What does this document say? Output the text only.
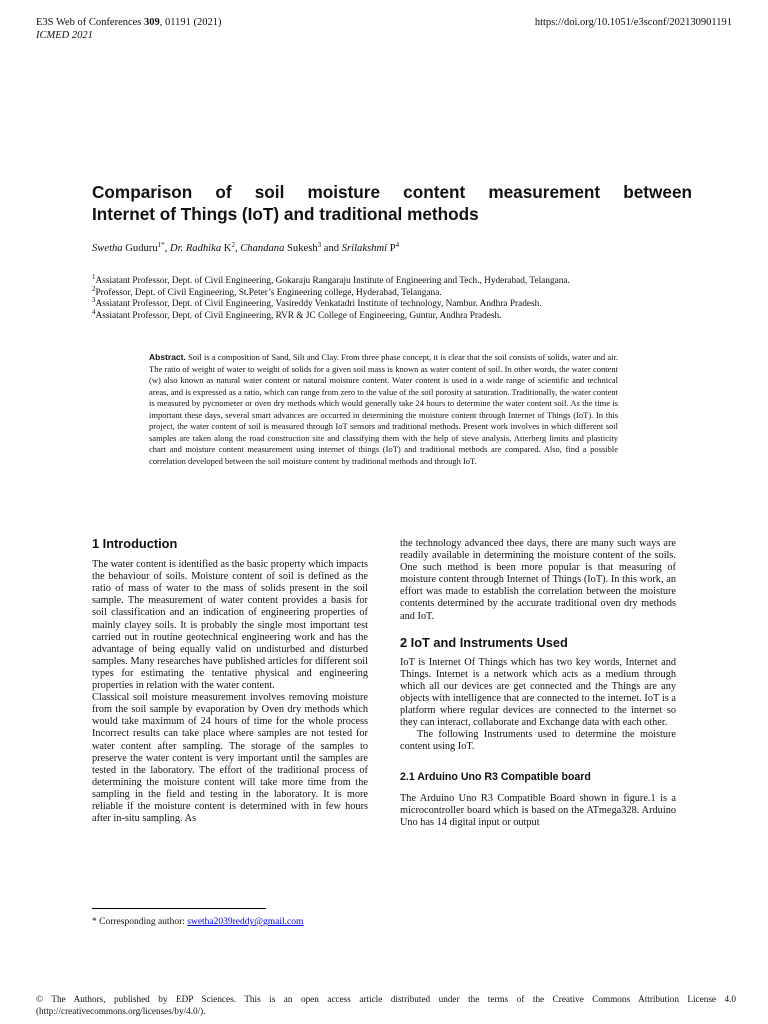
E3S Web of Conferences 309, 01191 (2021)
ICMED 2021
https://doi.org/10.1051/e3sconf/202130901191
Comparison of soil moisture content measurement between
Internet of Things (IoT) and traditional methods
Swetha Guduru$^{1*}$, Dr. Radhika $K^2$, Chandana Sukesh$^3$ and Srilakshmi $P^4$
$^1$Assiatant Professor, Dept. of Civil Engineering, Gokaraju Rangaraju Institute of Engineering and Tech., Hyderabad, Telangana.
$^2$Professor, Dept. of Civil Engineering, St.Peter’s Engineering college, Hyderabad, Telangana.
$^3$Assiatant Professor, Dept. of Civil Engineering, Vasireddy Venkatadri Institute of technology, Nambur. Andhra Pradesh.
$^4$Assiatant Professor, Dept. of Civil Engineering, RVR & JC College of Engineering, Guntur, Andhra Pradesh.
Abstract. Soil is a composition of Sand, Silt and Clay. From three phase concept, it is clear that the soil consists of solids, water and air. The ratio of weight of water to weight of solids for a given soil mass is known as water content of soil. In other words, the water content (w) also known as natural water content or natural moisture content. Water content is used in a wide range of scientific and technical areas, and is expressed as a ratio, which can range from zero to the value of the soil porosity at saturation. Traditionally, the water content is measured by pycnometer or oven dry methods which would generally take 24 hours to determine the water content soil. As the time is important these days, several smart advances are occurred in determining the moisture content through Internet of Things (IoT). In this project, the water content of soil is measured through IoT sensors and traditional methods. Present work involves in which different soil samples are taken along the road construction site and classifying them with the help of sieve analysis, Atterberg limits and plasticity chart and moisture content measurement using internet of things (IoT) and traditional methods are compared. Also, find a possible correlation developed between the soil moisture content by traditional methods and through IoT.
1 Introduction

The water content is identified as the basic property which impacts the behaviour of soils. Moisture content of soil is defined as the ratio of mass of water to the mass of solids present in the soil sample. The measurement of water content provides a basis for soil classification and an indication of engineering properties of mainly clayey soils. It is probably the single most important test carried out in routine geotechnical engineering work and has the advantage of being equally valid on undisturbed and disturbed samples. Many researches have published articles for different soil types for estimating the tentative physical and engineering properties in relation with the water content.

Classical soil moisture measurement involves removing moisture from the soil sample by evaporation by Oven dry methods which would take maximum of 24 hours of time for the whole process Incorrect results can take place where samples are not tested for water content after sampling. The storage of the samples to preserve the water content is very important until the samples are tested in the laboratory. The effort of the traditional process of determining the moisture content will take more time from the sampling in the field and testing in the laboratory. It is more reliable if the moisture content is determined with in few hours after in-situ sampling. As

the technology advanced thee days, there are many such ways are readily available in determining the moisture content of the soils. One such method is been more popular is that measuring of moisture content through Internet of Things (IoT). In this work, an effort was made to establish the correlation between the moisture contents determined by the accurate traditional oven dry methods and IoT.

2 IoT and Instruments Used

IoT is Internet Of Things which has two key words, Internet and Things. Internet is a network which acts as a medium through which all our devices are get connected and the Things are any objects with intelligence that are connected to the internet. IoT is a platform where regular devices are connected to the internet so they can interact, collaborate and Exchange data with each other.

The following Instruments used to determine the moisture content using IoT.

2.1 Arduino Uno R3 Compatible board

The Arduino Uno R3 Compatible Board shown in figure.1 is a microcontroller board which is based on the ATmega328. Arduino Uno has 14 digital input or output

* Corresponding author: swetha2039reddy@gmail.com
© The Authors, published by EDP Sciences. This is an open access article distributed under the terms of the Creative Commons Attribution License 4.0 (http://creativecommons.org/licenses/by/4.0/).
